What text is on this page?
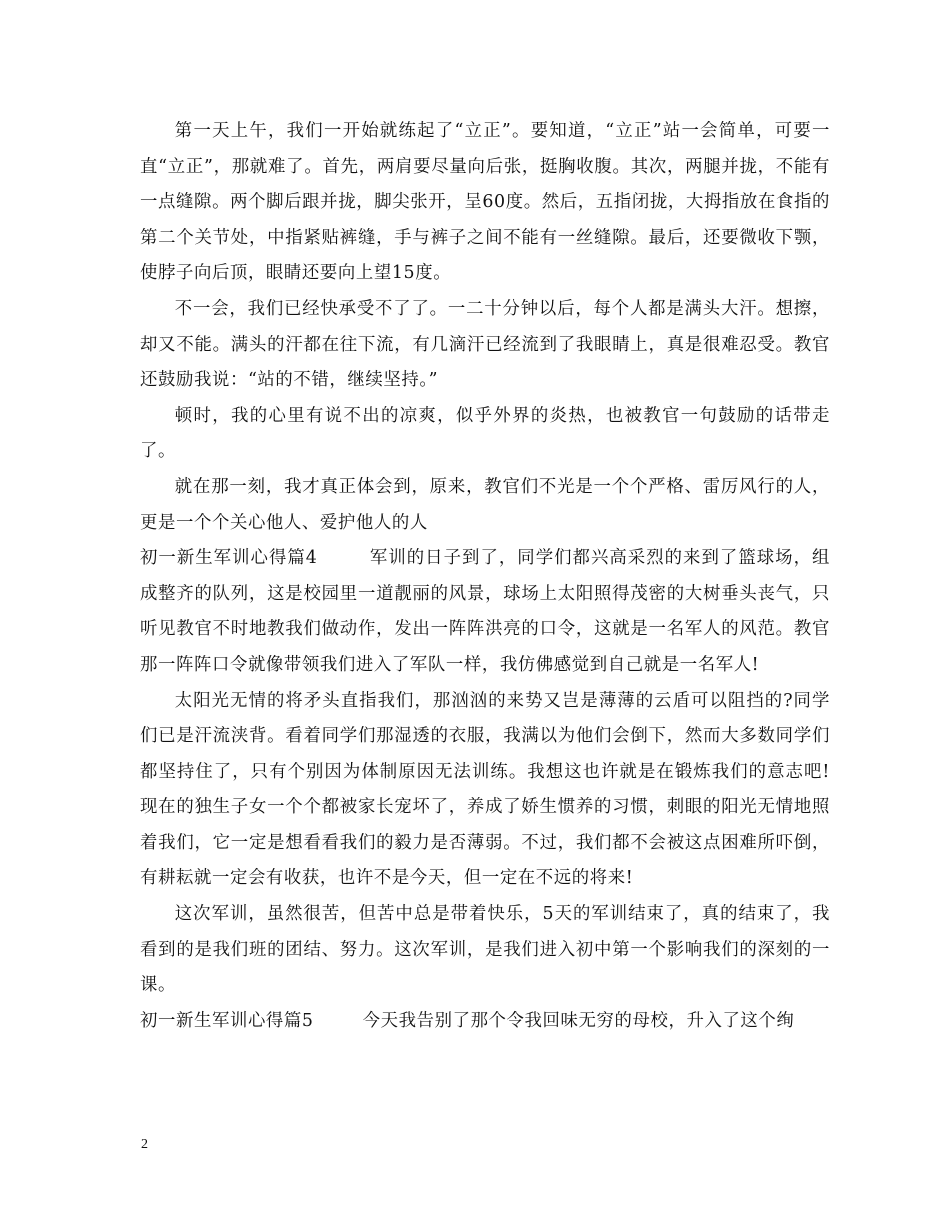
第一天上午，我们一开始就练起了“立正”。要知道，“立正”站一会简单，可要一直“立正”，那就难了。首先，两肩要尽量向后张，挺胸收腹。其次，两腿并拢，不能有一点缝隙。两个脚后跟并拢，脚尖张开，呈60度。然后，五指闭拢，大拇指放在食指的第二个关节处，中指紧贴裤缝，手与裤子之间不能有一丝缝隙。最后，还要微收下颚，使脖子向后顶，眼睛还要向上望15度。

不一会，我们已经快承受不了了。一二十分钟以后，每个人都是满头大汗。想擦，却又不能。满头的汗都在往下流，有几滴汗已经流到了我眼睛上，真是很难忍受。教官还鼓励我说：“站的不错，继续坚持。”

顿时，我的心里有说不出的凉爽，似乎外界的炎热，也被教官一句鼓励的话带走了。

就在那一刻，我才真正体会到，原来，教官们不光是一个个严格、雷厉风行的人，更是一个个关心他人、爱护他人的人

初一新生军训心得篇4	军训的日子到了，同学们都兴高采烈的来到了篮球场，组成整齐的队列，这是校园里一道靓丽的风景，球场上太阳照得茂密的大树垂头丧气，只听见教官不时地教我们做动作，发出一阵阵洪亮的口令，这就是一名军人的风范。教官那一阵阵口令就像带领我们进入了军队一样，我仿佛感觉到自己就是一名军人!

太阳光无情的将矛头直指我们，那汹汹的来势又岂是薄薄的云盾可以阻挡的?同学们已是汗流浃背。看着同学们那湿透的衣服，我满以为他们会倒下，然而大多数同学们都坚持住了，只有个别因为体制原因无法训练。我想这也许就是在锻炼我们的意志吧!现在的独生子女一个个都被家长宠坏了，养成了娇生惯养的习惯，刺眼的阳光无情地照着我们，它一定是想看看我们的毅力是否薄弱。不过，我们都不会被这点困难所吓倒，有耕耘就一定会有收获，也许不是今天，但一定在不远的将来!

这次军训，虽然很苦，但苦中总是带着快乐，5天的军训结束了，真的结束了，我看到的是我们班的团结、努力。这次军训，是我们进入初中第一个影响我们的深刻的一课。

初一新生军训心得篇5	今天我告别了那个令我回味无穷的母校，升入了这个绚

2
